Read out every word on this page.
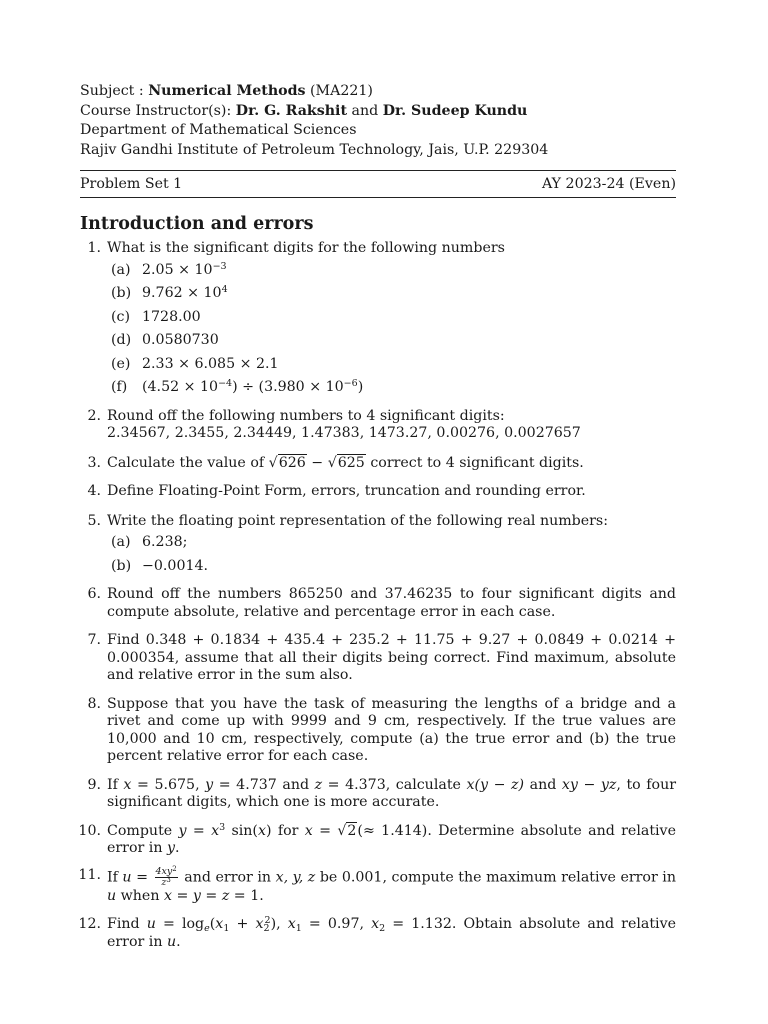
Subject : Numerical Methods (MA221)
Course Instructor(s): Dr. G. Rakshit and Dr. Sudeep Kundu
Department of Mathematical Sciences
Rajiv Gandhi Institute of Petroleum Technology, Jais, U.P. 229304
Problem Set 1	AY 2023-24 (Even)
Introduction and errors
1. What is the significant digits for the following numbers
(a) $2.05 \times 10^{-3}$
(b) $9.762 \times 10^4$
(c) 1728.00
(d) 0.0580730
(e) 2.33 × 6.085 × 2.1
(f)	$(4.52 \times 10^{-4}) \div (3.980 \times 10^{-6})$
2. Round off the following numbers to 4 significant digits:
2.34567, 2.3455, 2.34449, 1.47383, 1473.27, 0.00276, 0.0027657
3. Calculate the value of √626 − √625 correct to 4 significant digits.
4. Define Floating-Point Form, errors, truncation and rounding error.
5. Write the floating point representation of the following real numbers:
(a) 6.238;
(b) −0.0014.
6. Round off the numbers 865250 and 37.46235 to four significant digits and compute absolute, relative and percentage error in each case.
7. Find 0.348 + 0.1834 + 435.4 + 235.2 + 11.75 + 9.27 + 0.0849 + 0.0214 + 0.000354, assume that all their digits being correct. Find maximum, absolute and relative error in the sum also.
8. Suppose that you have the task of measuring the lengths of a bridge and a rivet and come up with 9999 and 9 cm, respectively. If the true values are 10,000 and 10 cm, respectively, compute (a) the true error and (b) the true percent relative error for each case.
9. If x = 5.675, y = 4.737 and z = 4.373, calculate x(y − z) and xy − yz, to four significant digits, which one is more accurate.
10. Compute $y = x^3$ sin(x) for x = √2(≈ 1.414). Determine absolute and relative error in y.
11. If $u = \frac{4xy^2}{z^3}$ and error in x, y, z be 0.001, compute the maximum relative error in u when x = y = z = 1.
12. Find $u = \log_e(x_1 + x_2^2)$, $x_1 = 0.97$, $x_2 = 1.132$. Obtain absolute and relative error in u.
